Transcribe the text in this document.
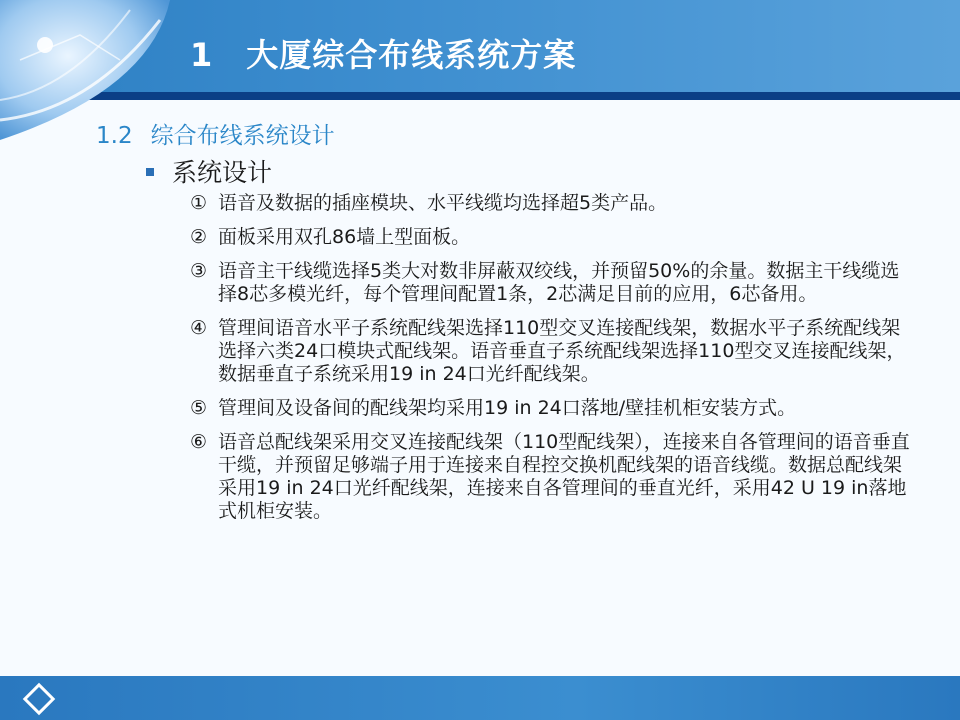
1　大厦综合布线系统方案
1.2 综合布线系统设计
系统设计
① 语音及数据的插座模块、水平线缆均选择超5类产品。
② 面板采用双孔86墙上型面板。
③ 语音主干线缆选择5类大对数非屏蔽双绞线，并预留50%的余量。数据主干线缆选择8芯多模光纤，每个管理间配置1条，2芯满足目前的应用，6芯备用。
④ 管理间语音水平子系统配线架选择110型交叉连接配线架，数据水平子系统配线架选择六类24口模块式配线架。语音垂直子系统配线架选择110型交叉连接配线架，数据垂直子系统采用19 in 24口光纤配线架。
⑤ 管理间及设备间的配线架均采用19 in 24口落地/壁挂机柜安装方式。
⑥ 语音总配线架采用交叉连接配线架（110型配线架），连接来自各管理间的语音垂直干缆，并预留足够端子用于连接来自程控交换机配线架的语音线缆。数据总配线架采用19 in 24口光纤配线架，连接来自各管理间的垂直光纤，采用42 U 19 in落地式机柜安装。
